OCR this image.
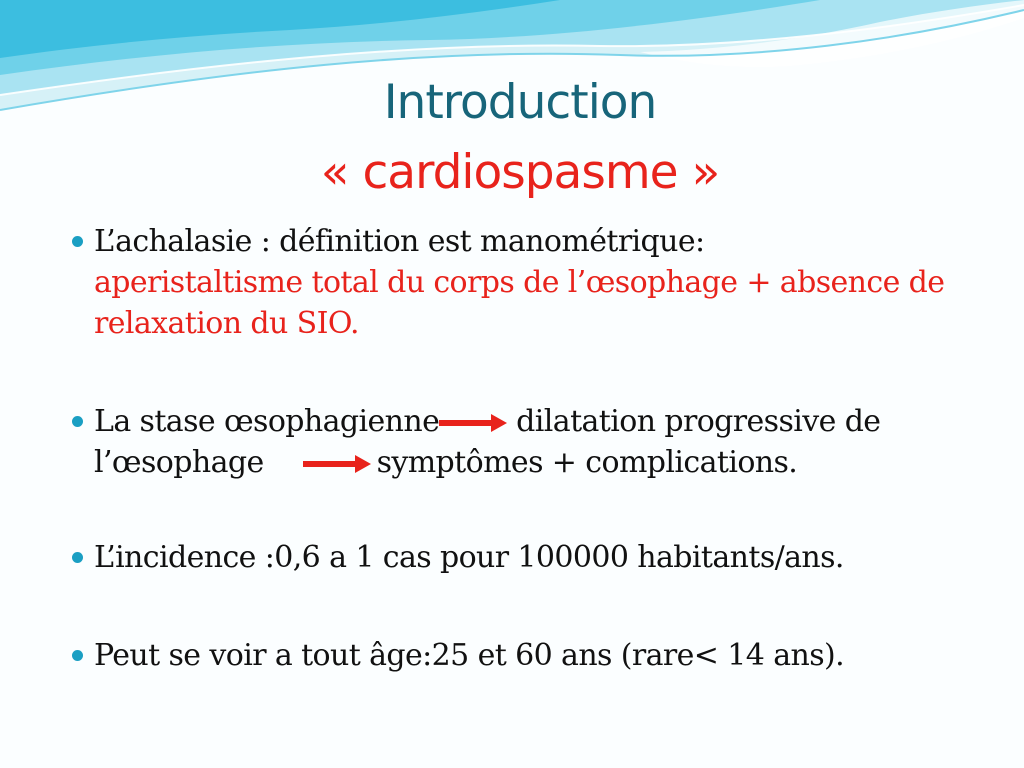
Introduction
« cardiospasme »
L’achalasie : définition est manométrique:
aperistaltisme total du corps de l’œsophage + absence de relaxation du SIO.
La stase œsophagienne dilatation progressive de
l’œsophage	symptômes + complications.
L’incidence :0,6 a 1 cas pour 100000 habitants/ans.
Peut se voir a tout âge:25 et 60 ans (rare< 14 ans).
